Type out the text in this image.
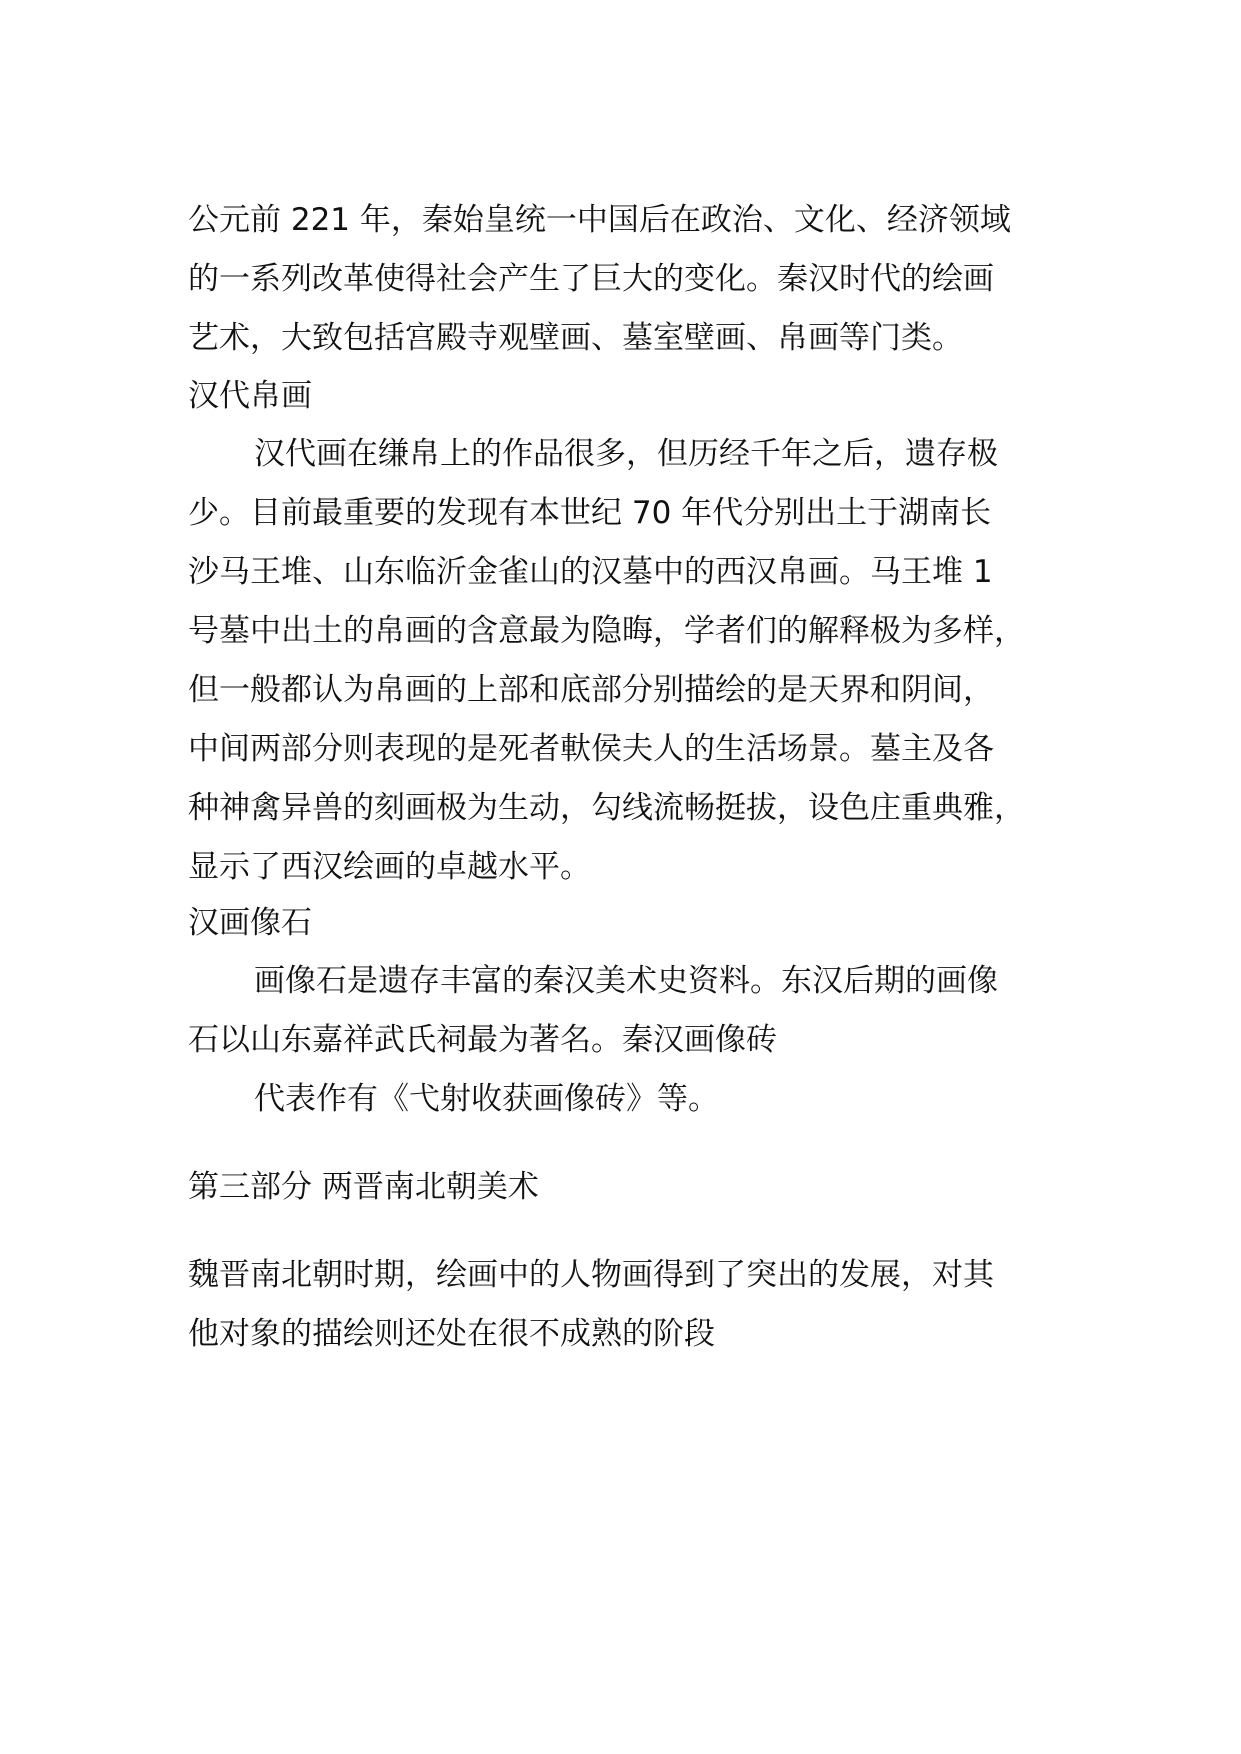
公元前 221 年，秦始皇统一中国后在政治、文化、经济领域
的一系列改革使得社会产生了巨大的变化。秦汉时代的绘画
艺术，大致包括宫殿寺观壁画、墓室壁画、帛画等门类。
汉代帛画
汉代画在缣帛上的作品很多，但历经千年之后，遗存极
少。目前最重要的发现有本世纪 70 年代分别出土于湖南长
沙马王堆、山东临沂金雀山的汉墓中的西汉帛画。马王堆 1
号墓中出土的帛画的含意最为隐晦，学者们的解释极为多样，
但一般都认为帛画的上部和底部分别描绘的是天界和阴间，
中间两部分则表现的是死者軑侯夫人的生活场景。墓主及各
种神禽异兽的刻画极为生动，勾线流畅挺拔，设色庄重典雅，
显示了西汉绘画的卓越水平。
汉画像石
画像石是遗存丰富的秦汉美术史资料。东汉后期的画像
石以山东嘉祥武氏祠最为著名。秦汉画像砖
代表作有《弋射收获画像砖》等。
第三部分 两晋南北朝美术
魏晋南北朝时期，绘画中的人物画得到了突出的发展，对其
他对象的描绘则还处在很不成熟的阶段
